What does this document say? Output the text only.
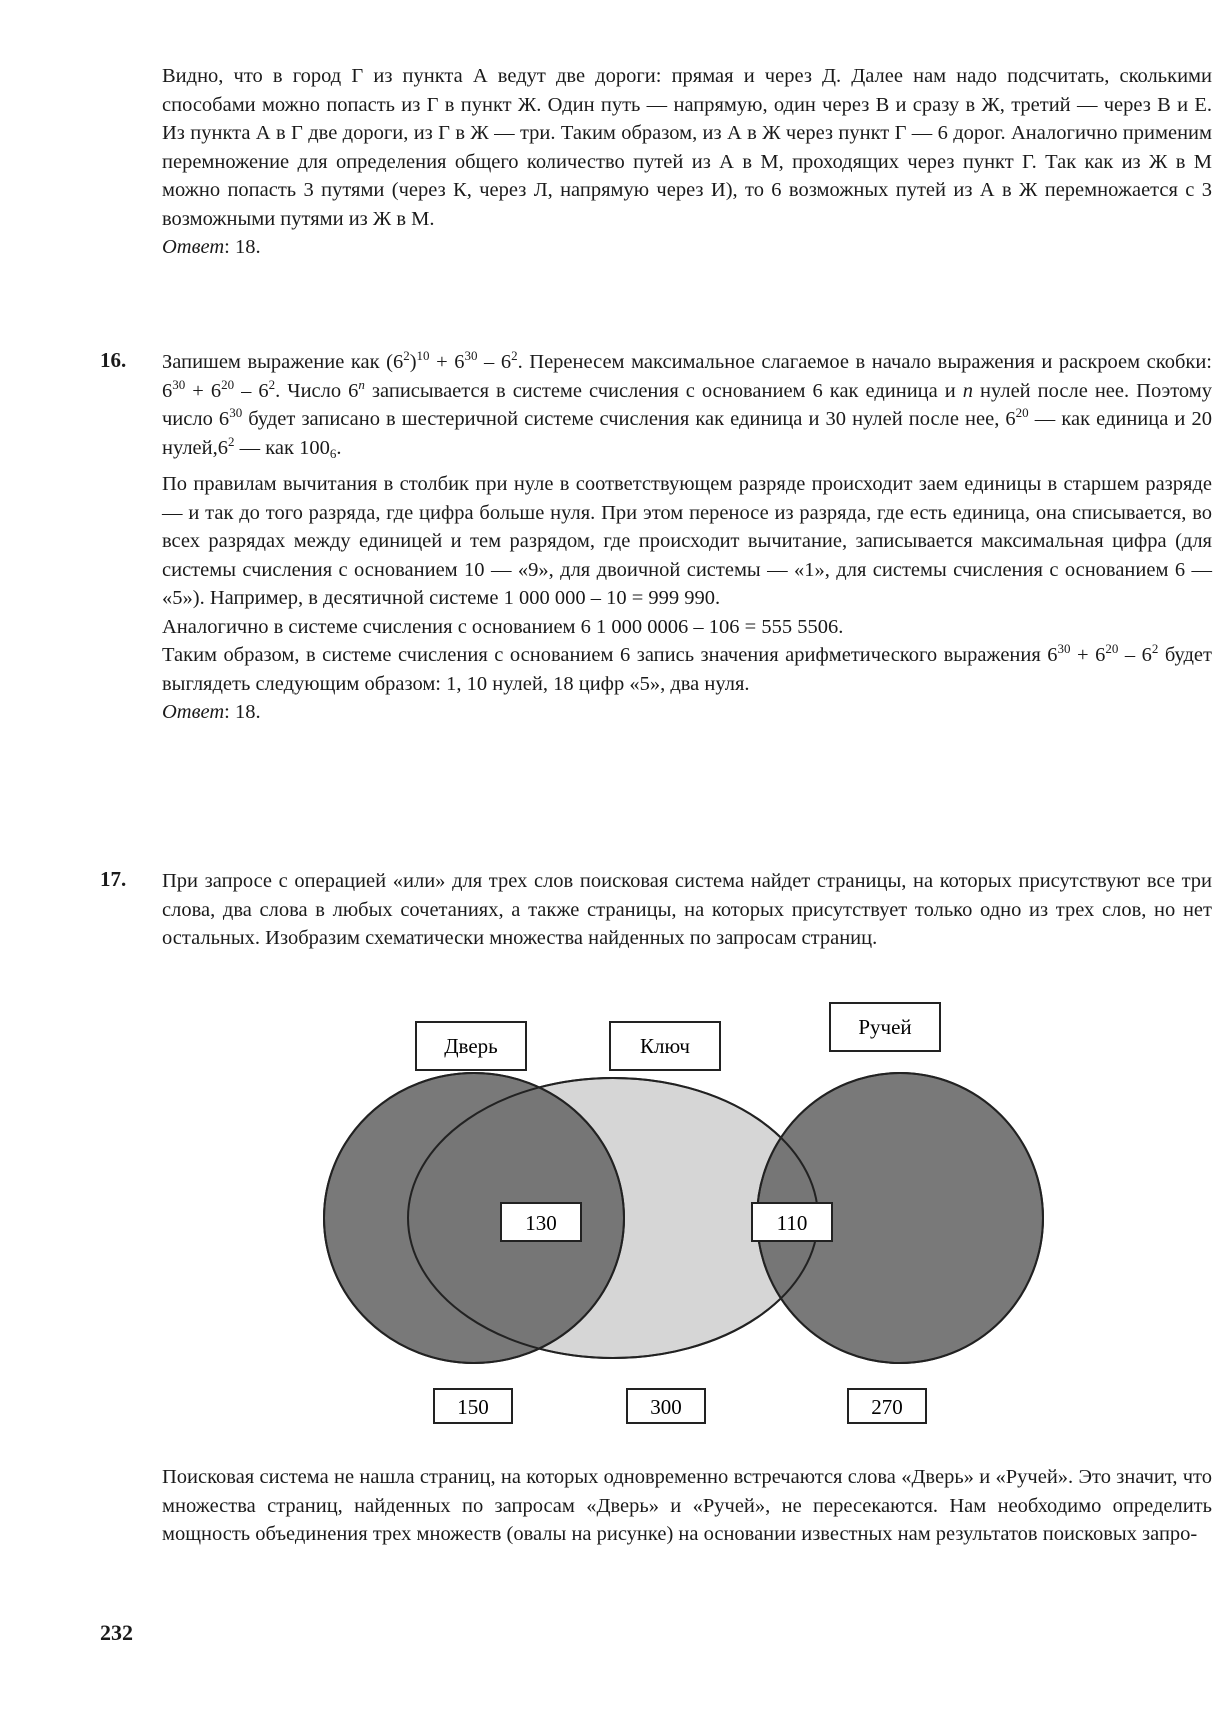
Видно, что в город Г из пункта А ведут две дороги: прямая и через Д. Далее нам надо подсчитать, сколькими способами можно попасть из Г в пункт Ж. Один путь — напрямую, один через В и сразу в Ж, третий — через В и Е. Из пункта А в Г две дороги, из Г в Ж — три. Таким образом, из А в Ж через пункт Г — 6 дорог. Аналогично применим перемножение для определения общего количество путей из А в М, проходящих через пункт Г. Так как из Ж в М можно попасть 3 путями (через К, через Л, напрямую через И), то 6 возможных путей из А в Ж перемножается с 3 возможными путями из Ж в М.

Ответ: 18.

16. Запишем выражение как $(6^2)^{10} + 6^{30} - 6^2$. Перенесем максимальное слагаемое в начало выражения и раскроем скобки: $6^{30} + 6^{20} - 6^2$. Число 6$^n$ записывается в системе счисления с основанием 6 как единица и n нулей после нее. Поэтому число $6^{30}$ будет записано в шестеричной системе счисления как единица и 30 нулей после нее, $6^{20}$ — как единица и 20 $нулей,6^2$ — как $100_6$.

По правилам вычитания в столбик при нуле в соответствующем разряде происходит заем единицы в старшем разряде — и так до того разряда, где цифра больше нуля. При этом переносе из разряда, где есть единица, она списывается, во всех разрядах между единицей и тем разрядом, где происходит вычитание, записывается максимальная цифра (для системы счисления с основанием 10 — «9», для двоичной системы — «1», для системы счисления с основанием 6 — «5»). Например, в десятичной системе 1 000 000 – 10 = 999 990.

Аналогично в системе счисления с основанием 6 1 000 0006 – 106 = 555 5506.

Таким образом, в системе счисления с основанием 6 запись значения арифметического выражения $6^{30} + 6^{20} - 6^2$ будет выглядеть следующим образом: 1, 10 нулей, 18 цифр «5», два нуля.

Ответ: 18.

17. При запросе с операцией «или» для трех слов поисковая система найдет страницы, на которых присутствуют все три слова, два слова в любых сочетаниях, а также страницы, на которых присутствует только одно из трех слов, но нет остальных. Изобразим схематически множества найденных по запросам страниц.

Дверь	Ключ
Ручей
130	110
150	300	270

Поисковая система не нашла страниц, на которых одновременно встречаются слова «Дверь» и «Ручей». Это значит, что множества страниц, найденных по запросам «Дверь» и «Ручей», не пересекаются. Нам необходимо определить мощность объединения трех множеств (овалы на рисунке) на основании известных нам результатов поисковых запро-

232
